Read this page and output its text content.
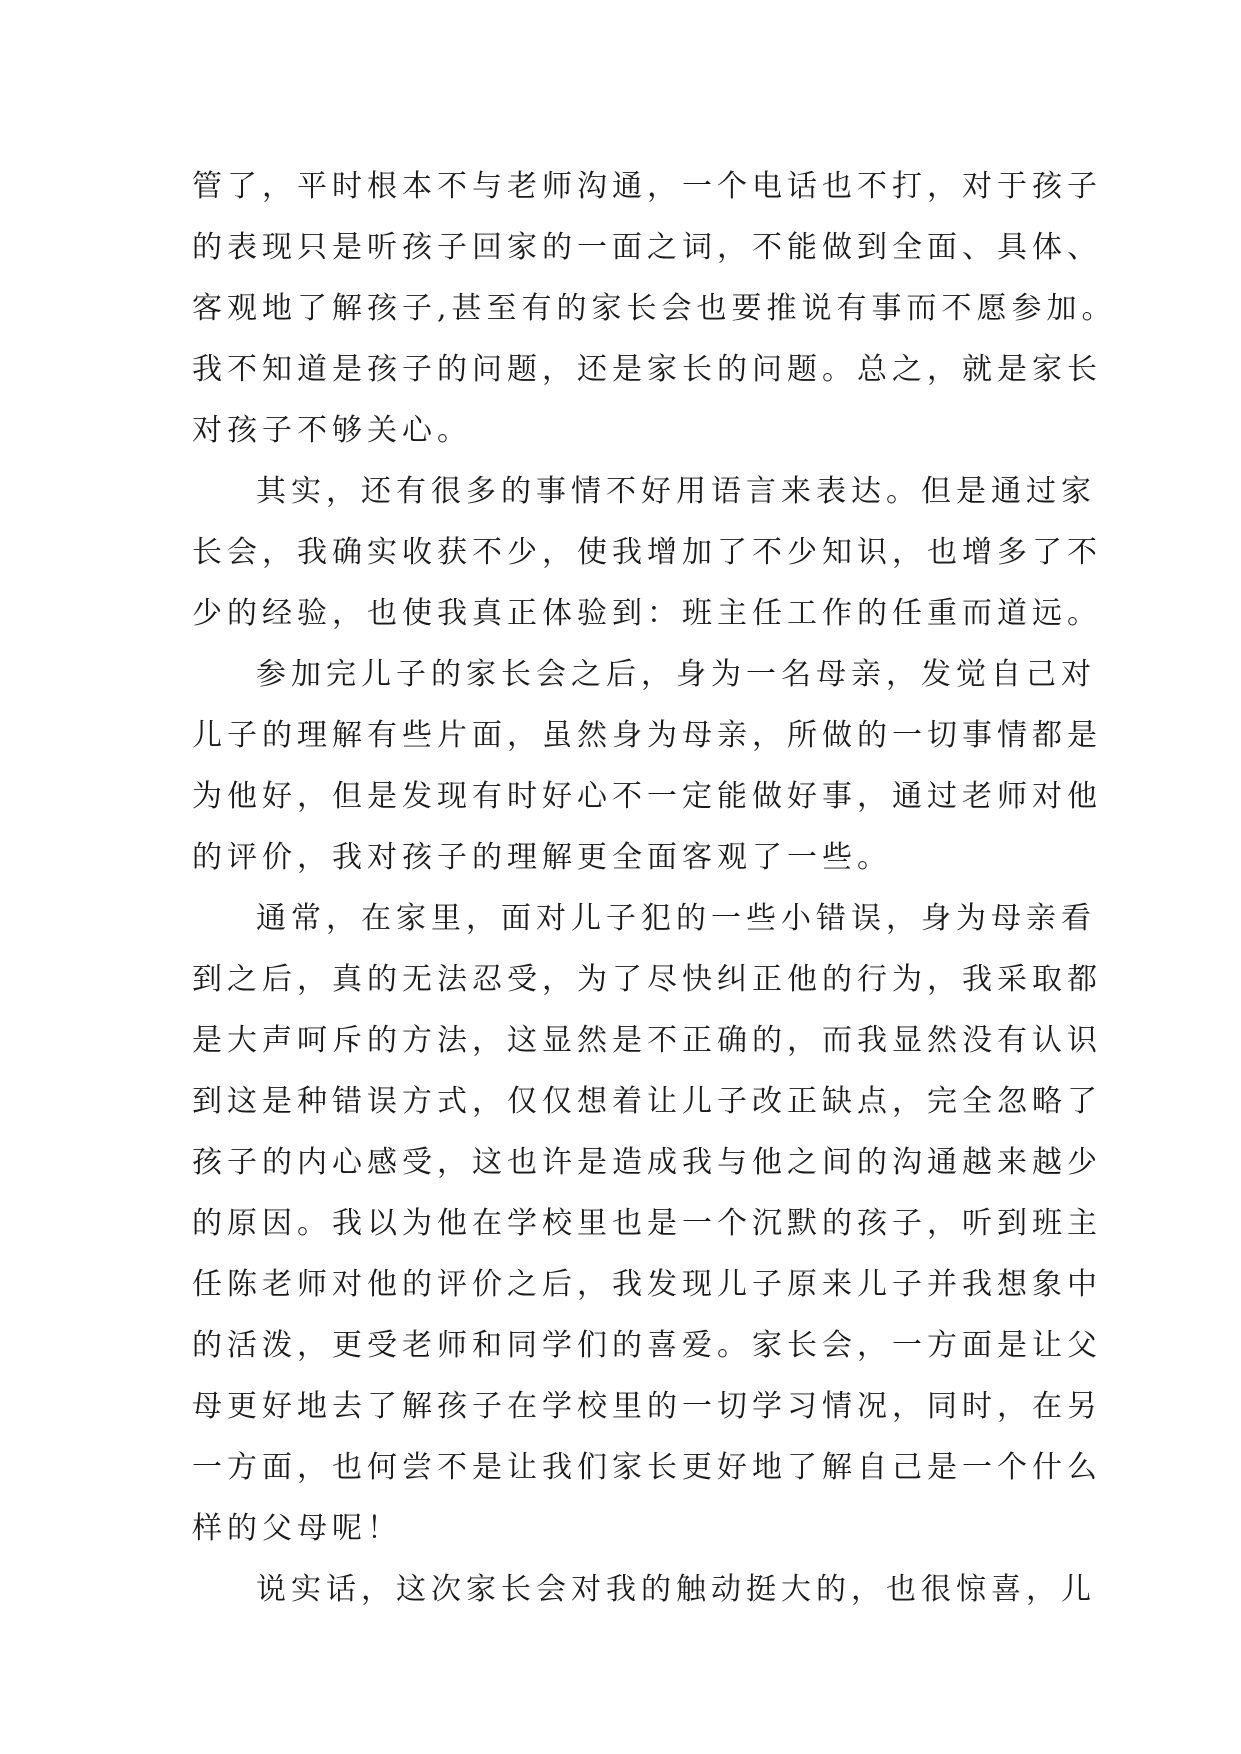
管了，平时根本不与老师沟通，一个电话也不打，对于孩子
的表现只是听孩子回家的一面之词，不能做到全面、具体、
客观地了解孩子,甚至有的家长会也要推说有事而不愿参加。
我不知道是孩子的问题，还是家长的问题。总之，就是家长
对孩子不够关心。
其实，还有很多的事情不好用语言来表达。但是通过家
长会，我确实收获不少，使我增加了不少知识，也增多了不
少的经验，也使我真正体验到：班主任工作的任重而道远。
参加完儿子的家长会之后，身为一名母亲，发觉自己对
儿子的理解有些片面，虽然身为母亲，所做的一切事情都是
为他好，但是发现有时好心不一定能做好事，通过老师对他
的评价，我对孩子的理解更全面客观了一些。
通常，在家里，面对儿子犯的一些小错误，身为母亲看
到之后，真的无法忍受，为了尽快纠正他的行为，我采取都
是大声呵斥的方法，这显然是不正确的，而我显然没有认识
到这是种错误方式，仅仅想着让儿子改正缺点，完全忽略了
孩子的内心感受，这也许是造成我与他之间的沟通越来越少
的原因。我以为他在学校里也是一个沉默的孩子，听到班主
任陈老师对他的评价之后，我发现儿子原来儿子并我想象中
的活泼，更受老师和同学们的喜爱。家长会，一方面是让父
母更好地去了解孩子在学校里的一切学习情况，同时，在另
一方面，也何尝不是让我们家长更好地了解自己是一个什么
样的父母呢！
说实话，这次家长会对我的触动挺大的，也很惊喜，儿
